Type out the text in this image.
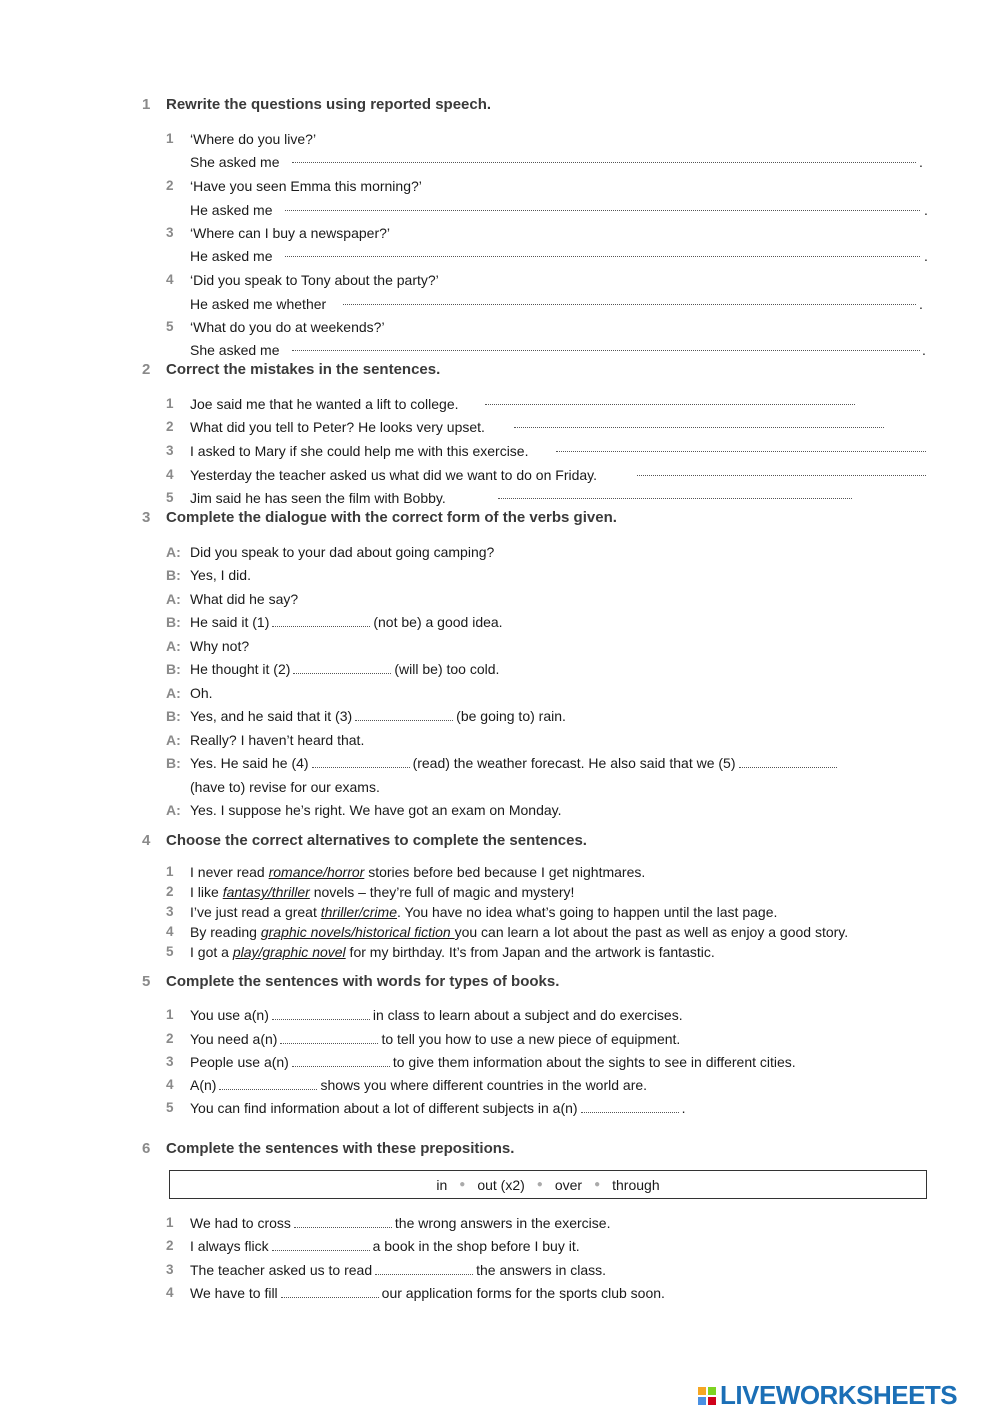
1 Rewrite the questions using reported speech.
1 ‘Where do you live?’
She asked me	.
2 ‘Have you seen Emma this morning?’
He asked me	.
3 ‘Where can I buy a newspaper?’
He asked me	.
4 ‘Did you speak to Tony about the party?’
He asked me whether	.
5 ‘What do you do at weekends?’
She asked me	.
2 Correct the mistakes in the sentences.
1 Joe said me that he wanted a lift to college.
2 What did you tell to Peter? He looks very upset.
3 I asked to Mary if she could help me with this exercise.
4 Yesterday the teacher asked us what did we want to do on Friday.
5 Jim said he has seen the film with Bobby.
3 Complete the dialogue with the correct form of the verbs given.
A: Did you speak to your dad about going camping?
B: Yes, I did.
A: What did he say?
B: He said it (1)	(not be) a good idea.
A: Why not?
B: He thought it (2)	(will be) too cold.
A: Oh.
B: Yes, and he said that it (3)	(be going to) rain.
A: Really? I haven’t heard that.
B: Yes. He said he (4)	(read) the weather forecast. He also said that we (5)
(have to) revise for our exams.
A: Yes. I suppose he’s right. We have got an exam on Monday.
4 Choose the correct alternatives to complete the sentences.
1 I never read romance/horror stories before bed because I get nightmares.
2 I like fantasy/thriller novels – they’re full of magic and mystery!
3 I’ve just read a great thriller/crime. You have no idea what’s going to happen until the last page.
4 By reading graphic novels/historical fiction you can learn a lot about the past as well as enjoy a good story.
5 I got a play/graphic novel for my birthday. It’s from Japan and the artwork is fantastic.
5 Complete the sentences with words for types of books.
1 You use a(n)	in class to learn about a subject and do exercises.
2 You need a(n)	to tell you how to use a new piece of equipment.
3 People use a(n)	to give them information about the sights to see in different cities.
4 A(n)	shows you where different countries in the world are.
5 You can find information about a lot of different subjects in a(n)	.
6 Complete the sentences with these prepositions.
in ● out (x2) ● over ● through
1 We had to cross	the wrong answers in the exercise.
2 I always flick	a book in the shop before I buy it.
3 The teacher asked us to read	the answers in class.
4 We have to fill	our application forms for the sports club soon.
LIVEWORKSHEETS
